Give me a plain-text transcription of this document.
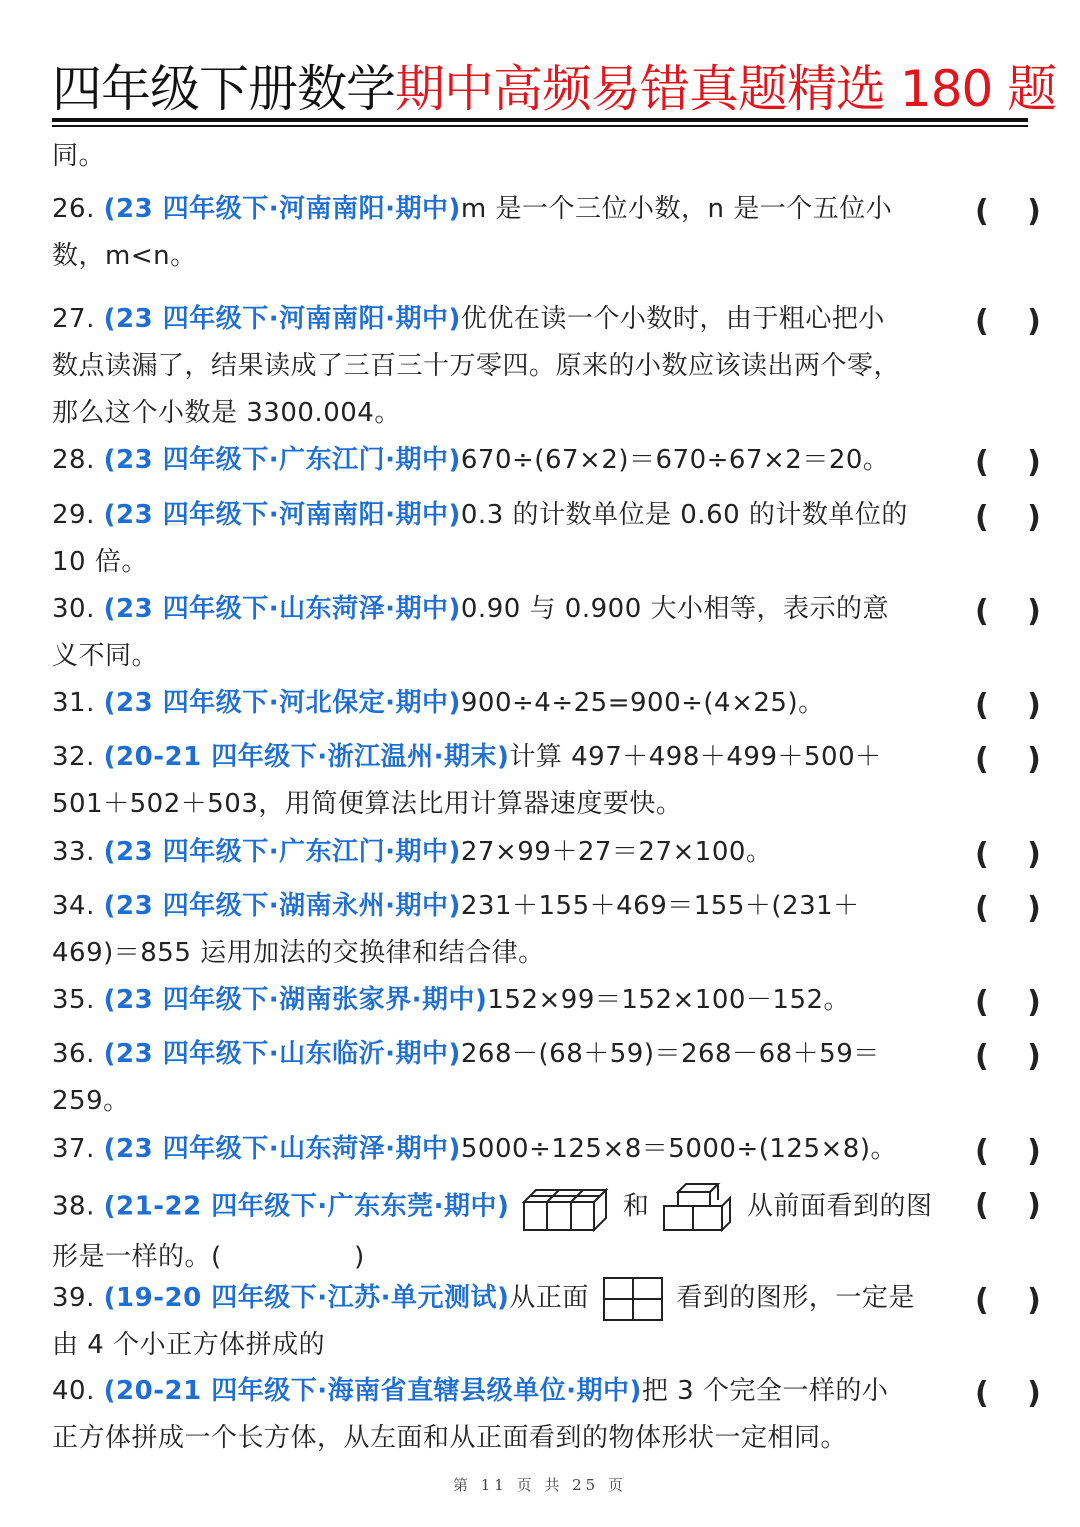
四年级下册数学期中高频易错真题精选 180 题
同。
26. (23 四年级下·河南南阳·期中)m 是一个三位小数，n 是一个五位小
数，m<n。
( )
27. (23 四年级下·河南南阳·期中)优优在读一个小数时，由于粗心把小
数点读漏了，结果读成了三百三十万零四。原来的小数应该读出两个零，
那么这个小数是 3300.004。
( )
28. (23 四年级下·广东江门·期中)670÷(67×2)＝670÷67×2＝20。	( )
29. (23 四年级下·河南南阳·期中)0.3 的计数单位是 0.60 的计数单位的
10 倍。
( )
30. (23 四年级下·山东菏泽·期中)0.90 与 0.900 大小相等，表示的意
义不同。
( )
31. (23 四年级下·河北保定·期中)900÷4÷25=900÷(4×25)。	( )
32. (20-21 四年级下·浙江温州·期末)计算 497＋498＋499＋500＋
501＋502＋503，用简便算法比用计算器速度要快。
( )
33. (23 四年级下·广东江门·期中)27×99＋27＝27×100。	( )
34. (23 四年级下·湖南永州·期中)231＋155＋469＝155＋(231＋
469)＝855 运用加法的交换律和结合律。
( )
35. (23 四年级下·湖南张家界·期中)152×99＝152×100－152。	( )
36. (23 四年级下·山东临沂·期中)268－(68＋59)＝268－68＋59＝
259。
( )
37. (23 四年级下·山东菏泽·期中)5000÷125×8＝5000÷(125×8)。	( )
38. (21-22 四年级下·广东东莞·期中)	和	从前面看到的图
形是一样的。(　　　　　)
( )
39. (19-20 四年级下·江苏·单元测试)从正面	看到的图形，一定是
由 4 个小正方体拼成的
( )
40. (20-21 四年级下·海南省直辖县级单位·期中)把 3 个完全一样的小
正方体拼成一个长方体，从左面和从正面看到的物体形状一定相同。
( )
第 11 页 共 25 页
